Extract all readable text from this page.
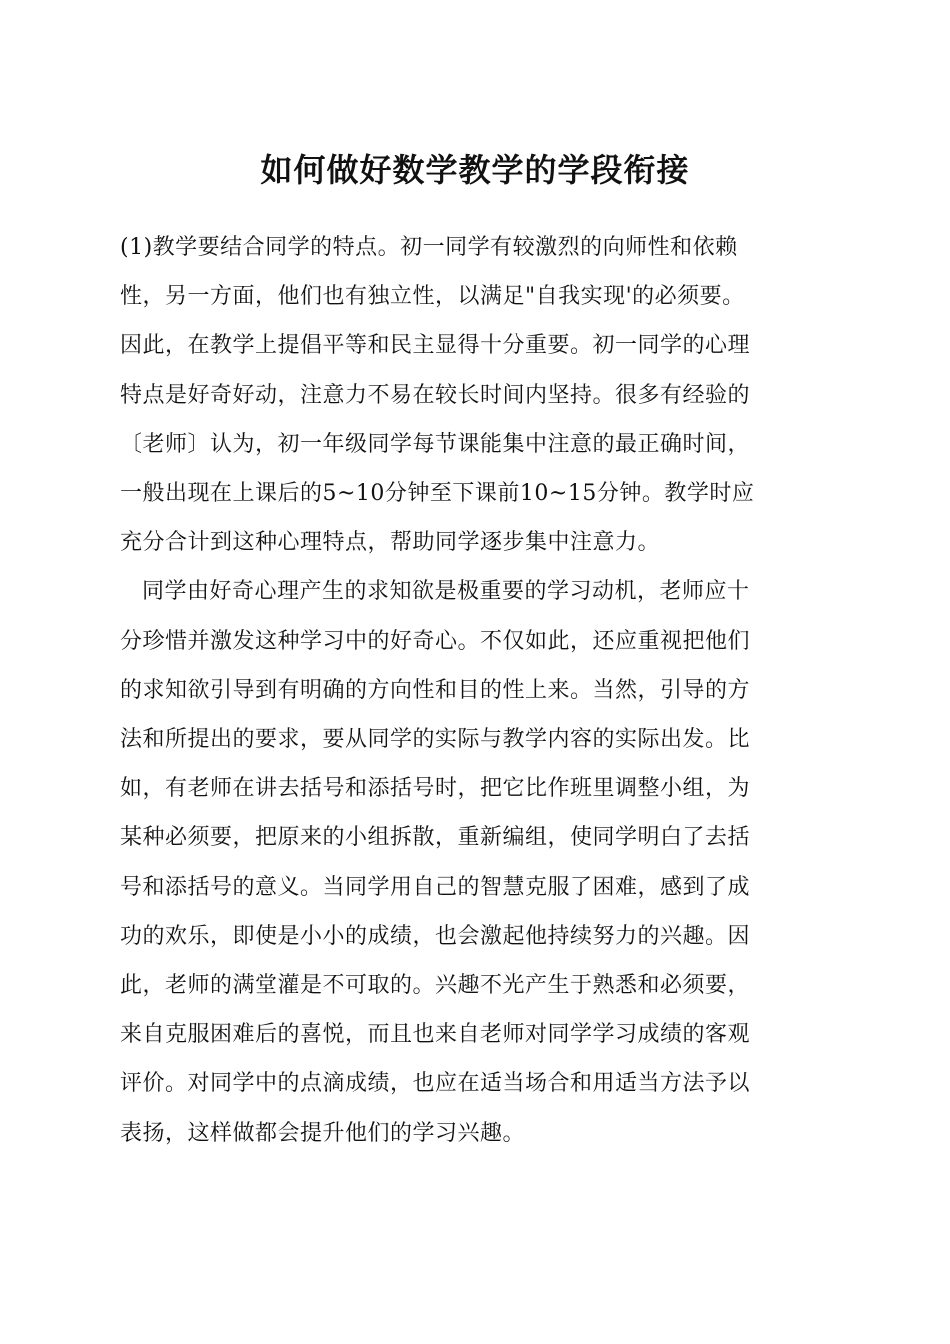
如何做好数学教学的学段衔接

(1)教学要结合同学的特点。初一同学有较激烈的向师性和依赖
性，另一方面，他们也有独立性，以满足"自我实现'的必须要。
因此，在教学上提倡平等和民主显得十分重要。初一同学的心理
特点是好奇好动，注意力不易在较长时间内坚持。很多有经验的
〔老师〕认为，初一年级同学每节课能集中注意的最正确时间，
一般出现在上课后的5~10分钟至下课前10~15分钟。教学时应
充分合计到这种心理特点，帮助同学逐步集中注意力。

同学由好奇心理产生的求知欲是极重要的学习动机，老师应十
分珍惜并激发这种学习中的好奇心。不仅如此，还应重视把他们
的求知欲引导到有明确的方向性和目的性上来。当然，引导的方
法和所提出的要求，要从同学的实际与教学内容的实际出发。比
如，有老师在讲去括号和添括号时，把它比作班里调整小组，为
某种必须要，把原来的小组拆散，重新编组，使同学明白了去括
号和添括号的意义。当同学用自己的智慧克服了困难，感到了成
功的欢乐，即使是小小的成绩，也会激起他持续努力的兴趣。因
此，老师的满堂灌是不可取的。兴趣不光产生于熟悉和必须要，
来自克服困难后的喜悦，而且也来自老师对同学学习成绩的客观
评价。对同学中的点滴成绩，也应在适当场合和用适当方法予以
表扬，这样做都会提升他们的学习兴趣。
